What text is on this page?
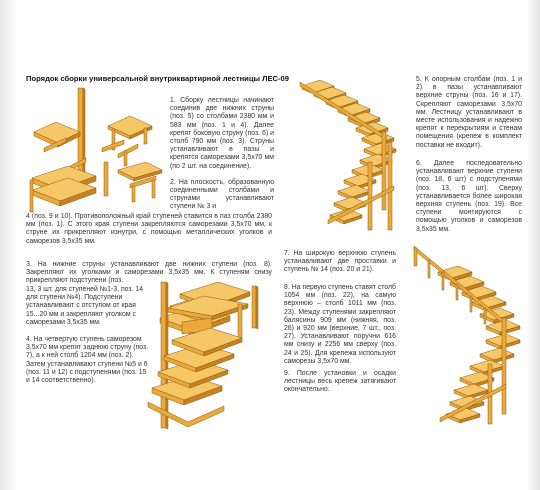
Порядок сборки универсальной внутриквартирной лестницы ЛЕС-09

1. Сборку лестницы начинают соединив две нижних струны (поз. 5) со столбами 2380 мм и 583 мм (поз. 1 и 4). Далее крепят боковую струну (поз. 6) и столб 790 мм (поз. 3). Струны устанавливают в пазы и крепятся саморезами 3,5х70 мм (по 2 шт. на соединение).

2. На плоскость, образованную соединенными столбами и струнами устанавливают ступени № 3 и

4 (поз. 9 и 10). Противоположный край ступеней ставится в паз столба 2380 мм (поз. 1). С этого края ступени закрепляются саморезами 3,5х70 мм, к струне их прикрепляют изнутри, с помощью металлических уголков и саморезов 3,5х35 мм.
3. На нижние струны устанавливают две нижних ступени (поз. 8). Закрепляют их уголками и саморезами 3,5х35 мм. К ступеням снизу прикрепляют подступени (поз.
13, 3 шт. для ступеней №1-3, поз. 14 для ступени №4). Подступени устанавливают с отступом от края 15...20 мм и закрепляют уголком с саморезами 3,5х35 мм.
4. На четвертую ступень саморезом 3,5х70 мм крепят заднюю струну (поз. 7), а к ней столб 1204 мм (поз. 2). Затем устанавливают ступени №5 и 6 (поз. 11 и 12) с подступенями (поз. 15 и 14 соответственно).
7. На широкую верхнюю ступень устанавливают две проставки и ступень № 14 (поз. 20 и 21).
8. На первую ступень ставят столб 1054 мм (поз. 22), на самую верхнюю – столб 1011 мм (поз. 23). Между ступенями закрепляют балясины 909 мм (нижняя, поз. 26) и 920 мм (верхние, 7 шт., поз. 27). Устанавливают поручни 616 мм снизу и 2256 мм сверху (поз. 24 и 25). Для крепежа используют саморезы 3,5х70 мм.
9. После установки и осадки лестницы весь крепеж затягивают окончательно.
5. К опорным столбам (поз. 1 и 2) в пазы устанавливают верхние струны (поз. 16 и 17). Скрепляют саморезами 3,5х70 мм. Лестницу устанавливают в месте использования и надежно крепят к перекрытиям и стенам помещения (крепеж в комплект поставки не входит).
6. Далее последовательно устанавливают верхние ступени (поз. 18, 6 шт) с подступенями (поз. 13, 6 шт). Сверху устанавливается более широкая верхняя ступень (поз. 19). Все ступени монтируются с помощью уголков и саморезов 3,5х35 мм.
